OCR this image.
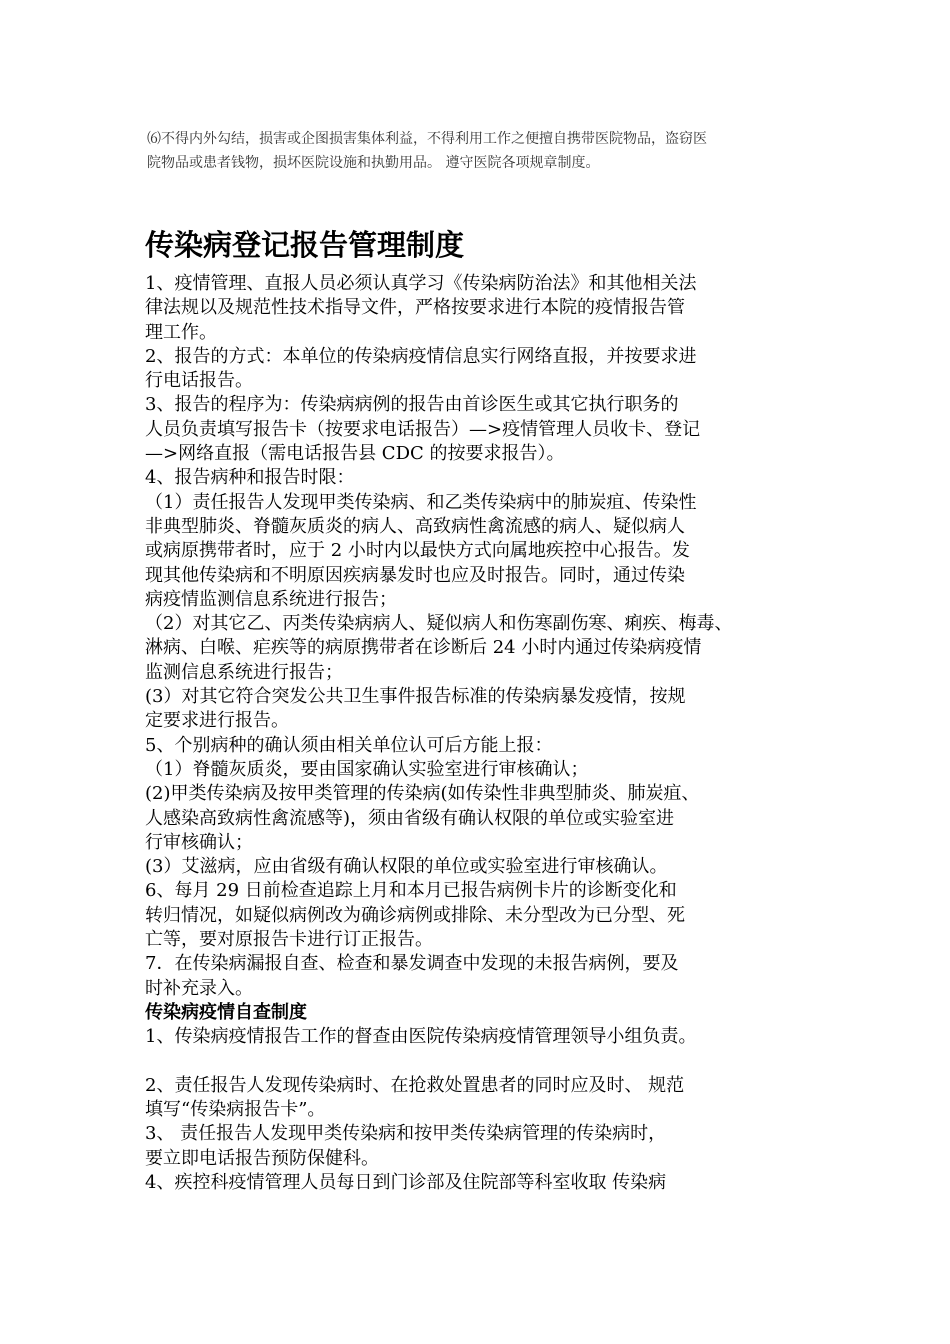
⑹不得内外勾结，损害或企图损害集体利益，不得利用工作之便擅自携带医院物品，盗窃医
院物品或患者钱物，损坏医院设施和执勤用品。 遵守医院各项规章制度。
传染病登记报告管理制度

1、疫情管理、直报人员必须认真学习《传染病防治法》和其他相关法

律法规以及规范性技术指导文件，严格按要求进行本院的疫情报告管

理工作。

2、报告的方式：本单位的传染病疫情信息实行网络直报，并按要求进

行电话报告。

3、报告的程序为：传染病病例的报告由首诊医生或其它执行职务的

人员负责填写报告卡（按要求电话报告）—>疫情管理人员收卡、登记

—>网络直报（需电话报告县 CDC 的按要求报告）。

4、报告病种和报告时限：

（1）责任报告人发现甲类传染病、和乙类传染病中的肺炭疽、传染性

非典型肺炎、脊髓灰质炎的病人、高致病性禽流感的病人、疑似病人

或病原携带者时，应于 2 小时内以最快方式向属地疾控中心报告。发

现其他传染病和不明原因疾病暴发时也应及时报告。同时，通过传染

病疫情监测信息系统进行报告；

（2）对其它乙、丙类传染病病人、疑似病人和伤寒副伤寒、痢疾、梅毒、

淋病、白喉、疟疾等的病原携带者在诊断后 24 小时内通过传染病疫情

监测信息系统进行报告；

(3）对其它符合突发公共卫生事件报告标准的传染病暴发疫情，按规

定要求进行报告。

5、个别病种的确认须由相关单位认可后方能上报：

（1）脊髓灰质炎，要由国家确认实验室进行审核确认；

(2)甲类传染病及按甲类管理的传染病(如传染性非典型肺炎、肺炭疽、

人感染高致病性禽流感等)，须由省级有确认权限的单位或实验室进

行审核确认；

(3）艾滋病，应由省级有确认权限的单位或实验室进行审核确认。

6、每月 29 日前检查追踪上月和本月已报告病例卡片的诊断变化和

转归情况，如疑似病例改为确诊病例或排除、未分型改为已分型、死

亡等，要对原报告卡进行订正报告。

7．在传染病漏报自查、检查和暴发调查中发现的未报告病例，要及

时补充录入。

传染病疫情自查制度

1、传染病疫情报告工作的督查由医院传染病疫情管理领导小组负责。

2、责任报告人发现传染病时、在抢救处置患者的同时应及时、 规范

填写“传染病报告卡”。

3、 责任报告人发现甲类传染病和按甲类传染病管理的传染病时，

要立即电话报告预防保健科。

4、疾控科疫情管理人员每日到门诊部及住院部等科室收取 传染病
